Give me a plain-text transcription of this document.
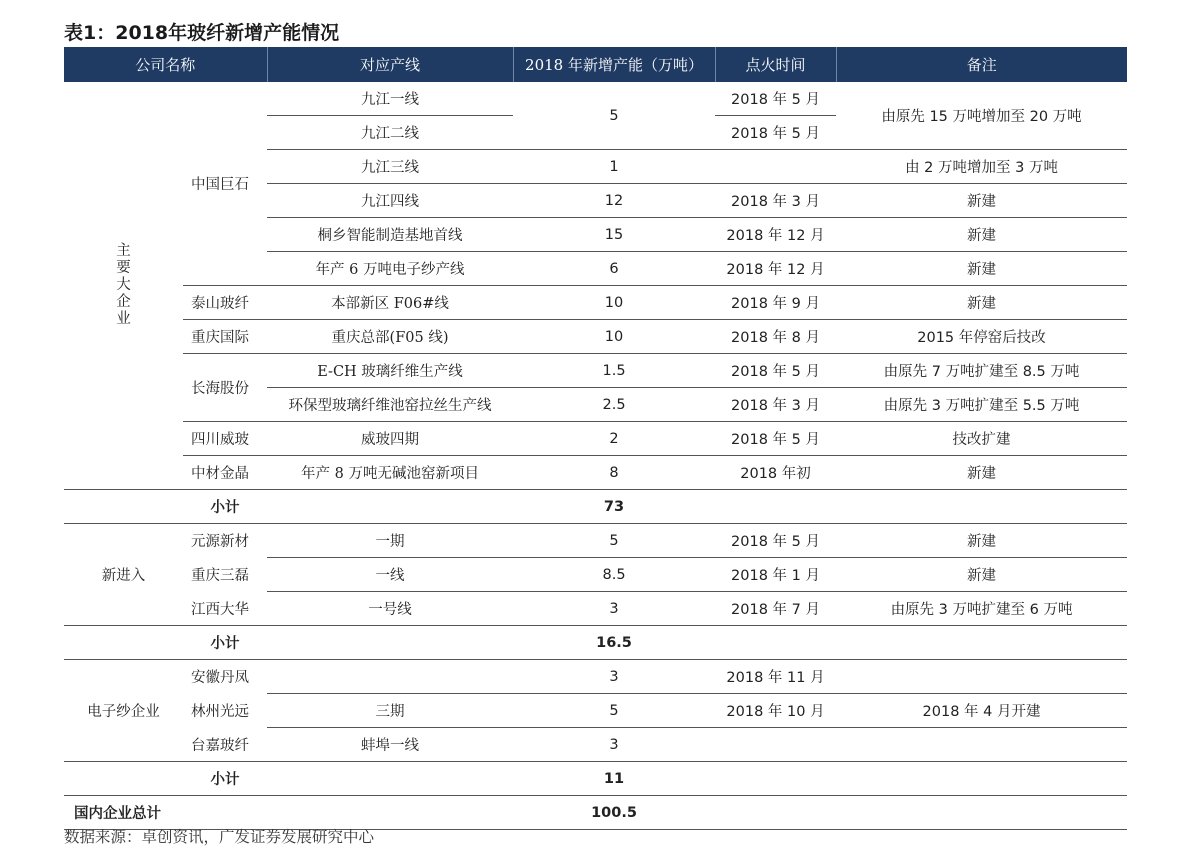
表1：2018年玻纤新增产能情况
公司名称		对应产线	2018 年新增产能（万吨）	点火时间	备注
主要大企业	中国巨石	九江一线	5	2018 年 5 月	由原先 15 万吨增加至 20 万吨
		九江二线		2018 年 5 月	
		九江三线	1		由 2 万吨增加至 3 万吨
		九江四线	12	2018 年 3 月	新建
		桐乡智能制造基地首线	15	2018 年 12 月	新建
		年产 6 万吨电子纱产线	6	2018 年 12 月	新建
	泰山玻纤	本部新区 F06#线	10	2018 年 9 月	新建
	重庆国际	重庆总部(F05 线)	10	2018 年 8 月	2015 年停窑后技改
	长海股份	E-CH 玻璃纤维生产线	1.5	2018 年 5 月	由原先 7 万吨扩建至 8.5 万吨
		环保型玻璃纤维池窑拉丝生产线	2.5	2018 年 3 月	由原先 3 万吨扩建至 5.5 万吨
	四川威玻	威玻四期	2	2018 年 5 月	技改扩建
	中材金晶	年产 8 万吨无碱池窑新项目	8	2018 年初	新建
	小计		73		
新进入	元源新材	一期	5	2018 年 5 月	新建
	重庆三磊	一线	8.5	2018 年 1 月	新建
	江西大华	一号线	3	2018 年 7 月	由原先 3 万吨扩建至 6 万吨
	小计		16.5		
电子纱企业	安徽丹凤		3	2018 年 11 月	
	林州光远	三期	5	2018 年 10 月	2018 年 4 月开建
	台嘉玻纤	蚌埠一线	3		
	小计		11		
国内企业总计			100.5		
数据来源：卓创资讯，广发证券发展研究中心
